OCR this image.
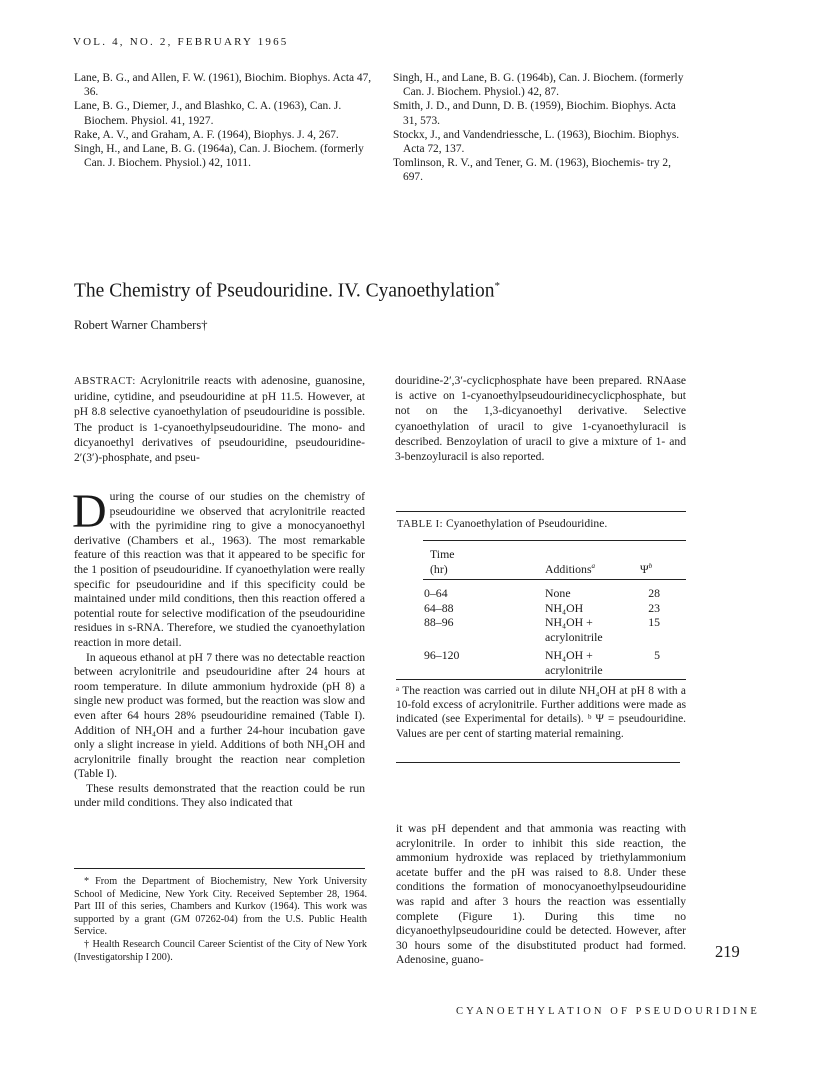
VOL. 4, NO. 2, FEBRUARY 1965

Lane, B. G., and Allen, F. W. (1961), Biochim. Biophys. Acta 47, 36.

Lane, B. G., Diemer, J., and Blashko, C. A. (1963), Can. J. Biochem. Physiol. 41, 1927.

Rake, A. V., and Graham, A. F. (1964), Biophys. J. 4, 267.

Singh, H., and Lane, B. G. (1964a), Can. J. Biochem. (formerly Can. J. Biochem. Physiol.) 42, 1011.

Singh, H., and Lane, B. G. (1964b), Can. J. Biochem. (formerly Can. J. Biochem. Physiol.) 42, 87.

Smith, J. D., and Dunn, D. B. (1959), Biochim. Biophys. Acta 31, 573.

Stockx, J., and Vandendriessche, L. (1963), Biochim. Biophys. Acta 72, 137.

Tomlinson, R. V., and Tener, G. M. (1963), Biochemis- try 2, 697.

The Chemistry of Pseudouridine. IV. Cyanoethylation*
Robert Warner Chambers†
ABSTRACT: Acrylonitrile reacts with adenosine, guanosine, uridine, cytidine, and pseudouridine at pH 11.5. However, at pH 8.8 selective cyanoethylation of pseudouridine is possible. The product is 1-cyanoethylpseudouridine. The mono- and dicyanoethyl derivatives of pseudouridine, pseudouridine-2′(3′)-phosphate, and pseu-
douridine-2′,3′-cyclicphosphate have been prepared. RNAase is active on 1-cyanoethylpseudouridinecyclicphosphate, but not on the 1,3-dicyanoethyl derivative. Selective cyanoethylation of uracil to give 1-cyanoethyluracil is described. Benzoylation of uracil to give a mixture of 1- and 3-benzoyluracil is also reported.

During the course of our studies on the chemistry of pseudouridine we observed that acrylonitrile reacted with the pyrimidine ring to give a monocyanoethyl derivative (Chambers et al., 1963). The most remarkable feature of this reaction was that it appeared to be specific for the 1 position of pseudouridine. If cyanoethylation were really specific for pseudouridine and if this specificity could be maintained under mild conditions, then this reaction offered a potential route for selective modification of the pseudouridine residues in s-RNA. Therefore, we studied the cyanoethylation reaction in more detail.

In aqueous ethanol at pH 7 there was no detectable reaction between acrylonitrile and pseudouridine after 24 hours at room temperature. In dilute ammonium hydroxide (pH 8) a single new product was formed, but the reaction was slow and even after 64 hours 28% pseudouridine remained (Table I). Addition of NH₄OH and a further 24-hour incubation gave only a slight increase in yield. Additions of both NH₄OH and acrylonitrile finally brought the reaction near completion (Table I).

These results demonstrated that the reaction could be run under mild conditions. They also indicated that

* From the Department of Biochemistry, New York University School of Medicine, New York City. Received September 28, 1964. Part III of this series, Chambers and Kurkov (1964). This work was supported by a grant (GM 07262-04) from the U.S. Public Health Service.

† Health Research Council Career Scientist of the City of New York (Investigatorship I 200).

TABLE I: Cyanoethylation of Pseudouridine.
Time
(hr)	Additions$^a$	$\Psi^b$
0–64	None	28
64–88	NH₄OH	23
88–96	NH₄OH +
acrylonitrile	15
96–120	NH₄OH +
acrylonitrile	5
ᵃ The reaction was carried out in dilute NH₄OH at pH 8 with a 10-fold excess of acrylonitrile. Further additions were made as indicated (see Experimental for details). ᵇ Ψ = pseudouridine. Values are per cent of starting material remaining.

it was pH dependent and that ammonia was reacting with acrylonitrile. In order to inhibit this side reaction, the ammonium hydroxide was replaced by triethylammonium acetate buffer and the pH was raised to 8.8. Under these conditions the formation of monocyanoethylpseudouridine was rapid and after 3 hours the reaction was essentially complete (Figure 1). During this time no dicyanoethylpseudouridine could be detected. However, after 30 hours some of the disubstituted product had formed. Adenosine, guano-	219
CYANOETHYLATION OF PSEUDOURIDINE
